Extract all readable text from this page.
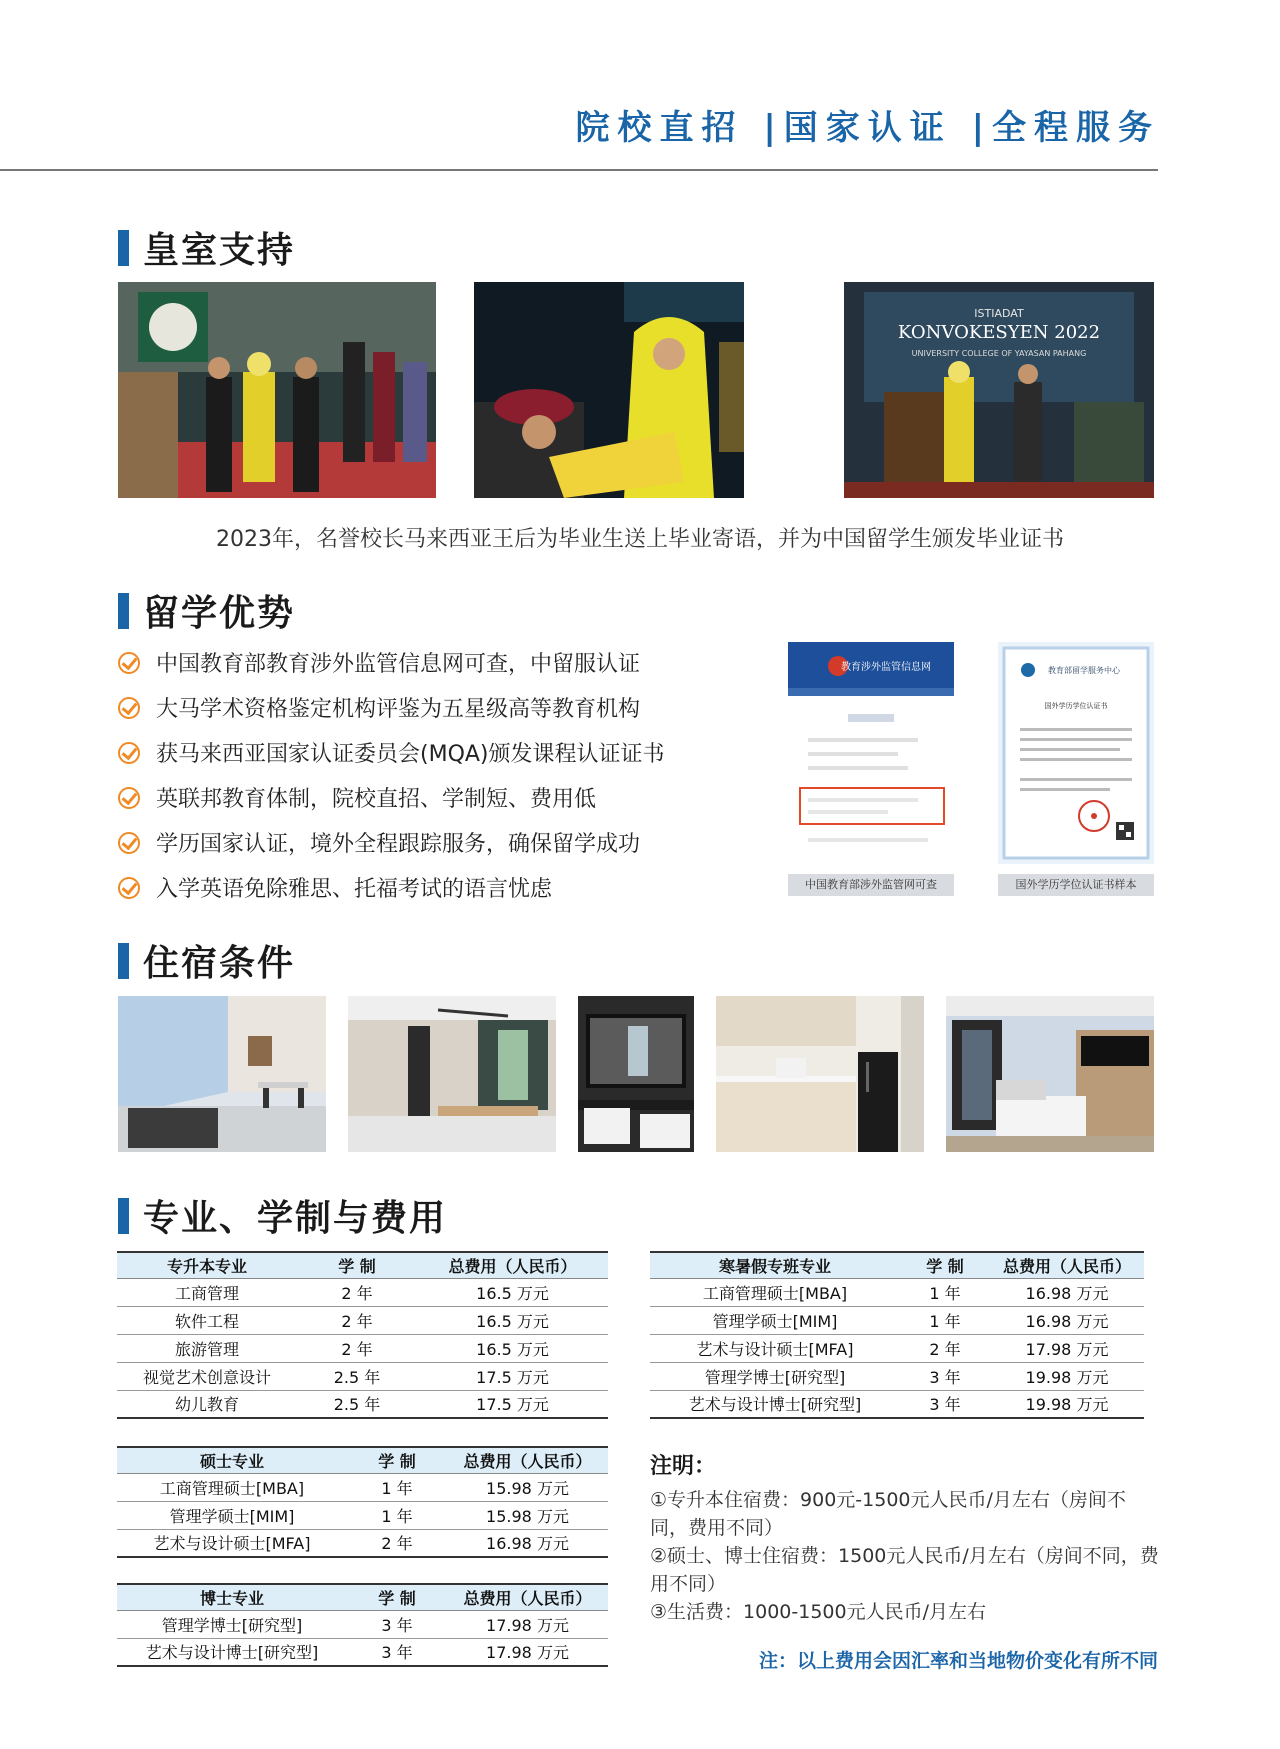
院校直招 |国家认证 |全程服务
皇室支持
ISTIADAT
KONVOKESYEN 2022
UNIVERSITY COLLEGE OF YAYASAN PAHANG
2023年，名誉校长马来西亚王后为毕业生送上毕业寄语，并为中国留学生颁发毕业证书
留学优势
中国教育部教育涉外监管信息网可查，中留服认证
大马学术资格鉴定机构评鉴为五星级高等教育机构
获马来西亚国家认证委员会(MQA)颁发课程认证证书
英联邦教育体制，院校直招、学制短、费用低
学历国家认证，境外全程跟踪服务，确保留学成功
入学英语免除雅思、托福考试的语言忧虑
教育涉外监管信息网
中国教育部涉外监管网可查
教育部留学服务中心
国外学历学位认证书
国外学历学位认证书样本
住宿条件
专业、学制与费用
专升本专业	学 制	总费用（人民币）
工商管理	2 年	16.5 万元
软件工程	2 年	16.5 万元
旅游管理	2 年	16.5 万元
视觉艺术创意设计	2.5 年	17.5 万元
幼儿教育	2.5 年	17.5 万元
硕士专业	学 制	总费用（人民币）
工商管理硕士[MBA]	1 年	15.98 万元
管理学硕士[MIM]	1 年	15.98 万元
艺术与设计硕士[MFA]	2 年	16.98 万元
博士专业	学 制	总费用（人民币）
管理学博士[研究型]	3 年	17.98 万元
艺术与设计博士[研究型]	3 年	17.98 万元
寒暑假专班专业	学 制	总费用（人民币）
工商管理硕士[MBA]	1 年	16.98 万元
管理学硕士[MIM]	1 年	16.98 万元
艺术与设计硕士[MFA]	2 年	17.98 万元
管理学博士[研究型]	3 年	19.98 万元
艺术与设计博士[研究型]	3 年	19.98 万元
注明：
①专升本住宿费：900元-1500元人民币/月左右（房间不同，费用不同）
②硕士、博士住宿费：1500元人民币/月左右（房间不同，费用不同）
③生活费：1000-1500元人民币/月左右
注：以上费用会因汇率和当地物价变化有所不同
